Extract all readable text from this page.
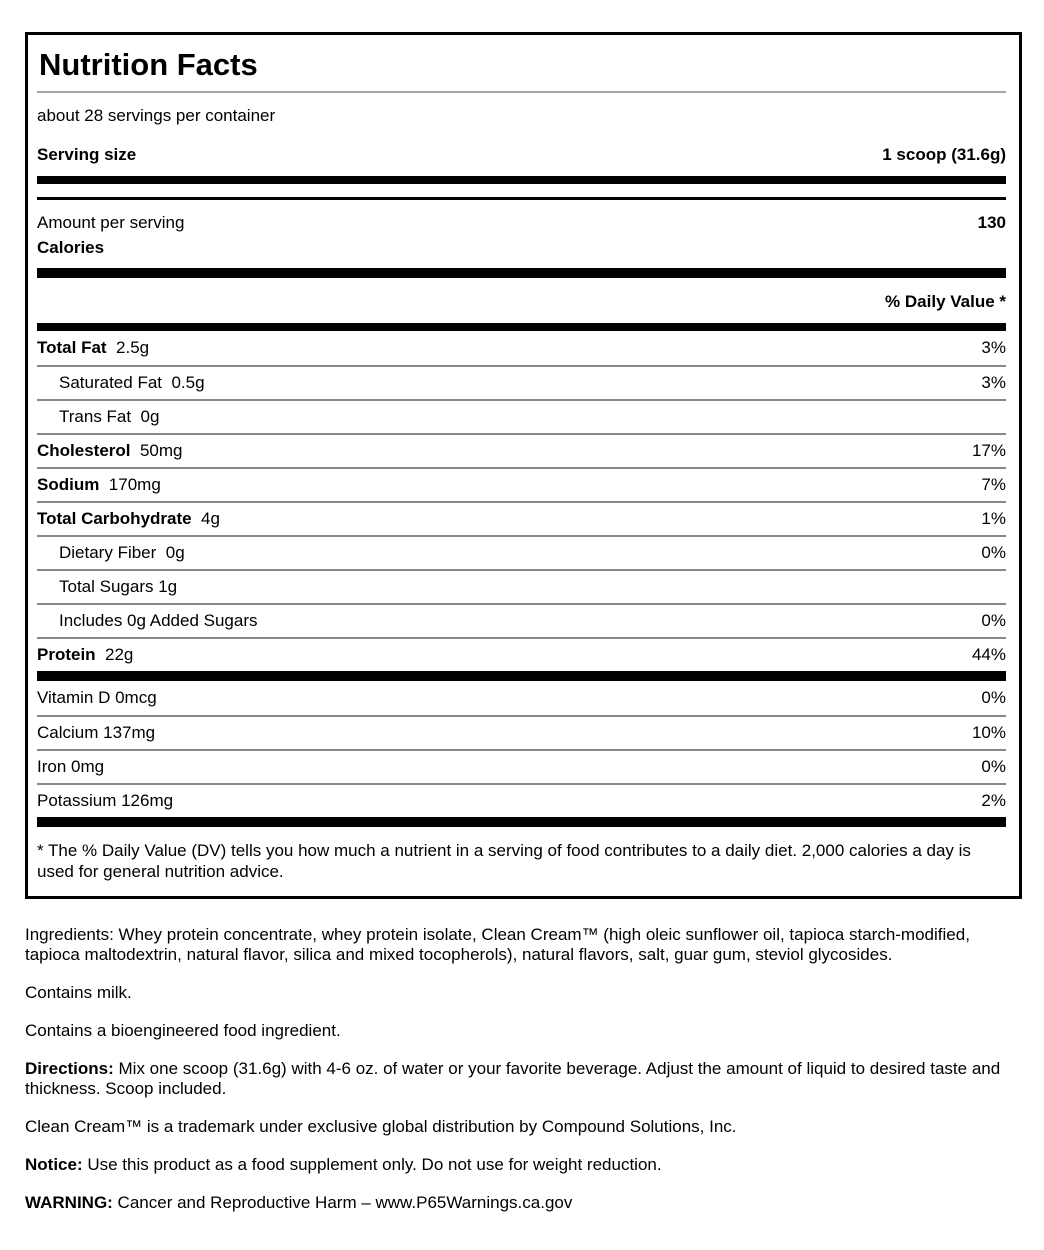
Nutrition Facts
about 28 servings per container
Serving size	1 scoop (31.6g)
Amount per serving	130
Calories
% Daily Value *
Total Fat  2.5g	3%
Saturated Fat  0.5g	3%
Trans Fat  0g
Cholesterol  50mg	17%
Sodium  170mg	7%
Total Carbohydrate  4g	1%
Dietary Fiber  0g	0%
Total Sugars 1g
Includes 0g Added Sugars	0%
Protein  22g	44%
Vitamin D 0mcg	0%
Calcium 137mg	10%
Iron 0mg	0%
Potassium 126mg	2%
* The % Daily Value (DV) tells you how much a nutrient in a serving of food contributes to a daily diet. 2,000 calories a day is used for general nutrition advice.

Ingredients: Whey protein concentrate, whey protein isolate, Clean Cream™ (high oleic sunflower oil, tapioca starch-modified, tapioca maltodextrin, natural flavor, silica and mixed tocopherols), natural flavors, salt, guar gum, steviol glycosides.

Contains milk.

Contains a bioengineered food ingredient.

Directions: Mix one scoop (31.6g) with 4-6 oz. of water or your favorite beverage. Adjust the amount of liquid to desired taste and thickness. Scoop included.

Clean Cream™ is a trademark under exclusive global distribution by Compound Solutions, Inc.

Notice: Use this product as a food supplement only. Do not use for weight reduction.

WARNING: Cancer and Reproductive Harm – www.P65Warnings.ca.gov
